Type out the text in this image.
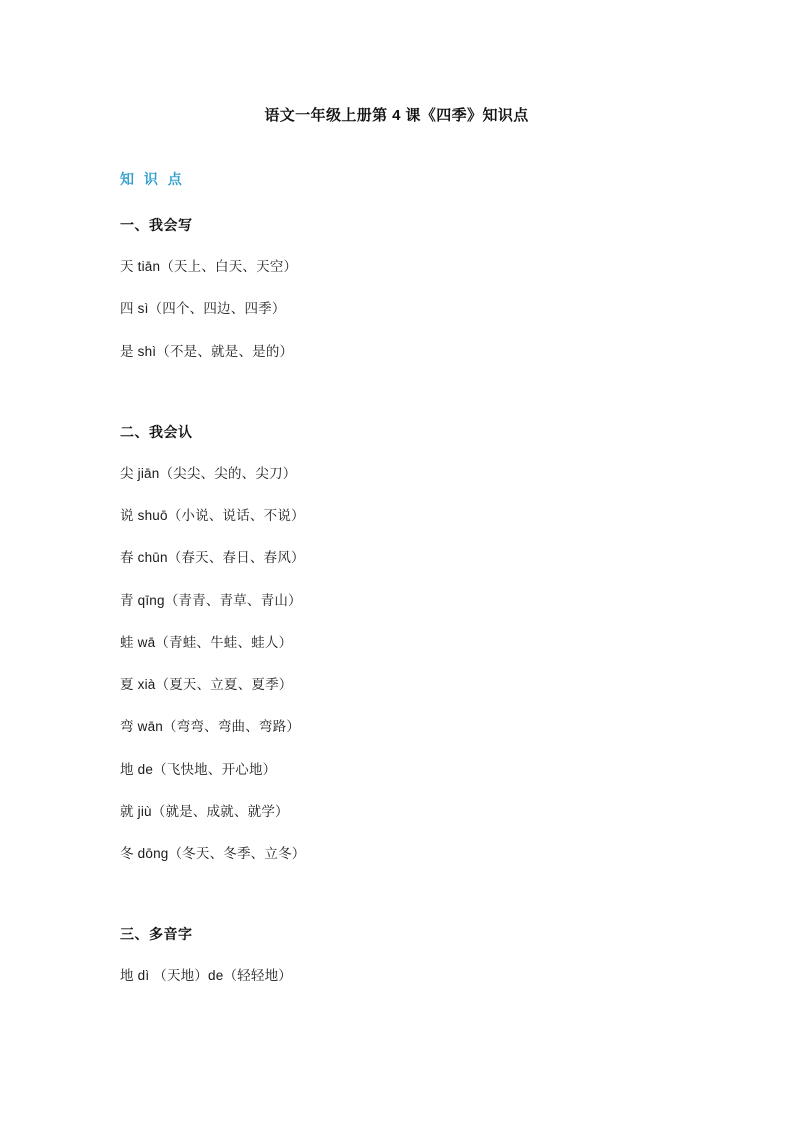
语文一年级上册第 4 课《四季》知识点
知 识 点
一、我会写
天 tiān（天上、白天、天空）
四 sì（四个、四边、四季）
是 shì（不是、就是、是的）
二、我会认
尖 jiān（尖尖、尖的、尖刀）
说 shuō（小说、说话、不说）
春 chūn（春天、春日、春风）
青 qīng（青青、青草、青山）
蛙 wā（青蛙、牛蛙、蛙人）
夏 xià（夏天、立夏、夏季）
弯 wān（弯弯、弯曲、弯路）
地 de（飞快地、开心地）
就 jiù（就是、成就、就学）
冬 dōng（冬天、冬季、立冬）
三、多音字
地 dì （天地）de（轻轻地）
